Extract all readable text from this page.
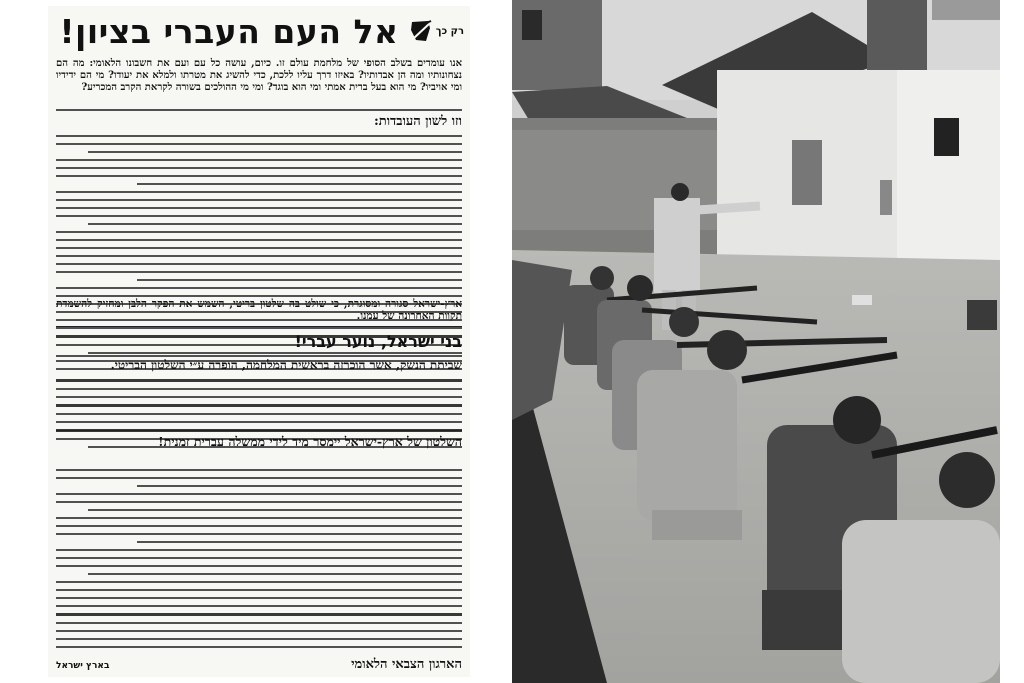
רק כך
אל העם העברי בציון!
אנו עומדים בשלב הסופי של מלחמת עולם זו. כיום, עושה כל עם ועם את חשבונו הלאומי: מה הם נצחונותיו ומה הן אבדותיו? באיזו דרך עליו ללכת, כדי להשיג את מטרתו ולמלא את יעודו? מי הם ידידיו ומי אויביו? מי הוא בעל ברית אמתי ומי הוא בוגד? ומי מי ההולכים בשורה לקראת הקרב המכריע?
וזו לשון העובדות:
ארץ-ישראל סגורה ומסוגרת, כי שולט בה שלטון בריטי, השמש את הפקר הלבן ומחזיק להשמדת תקוות האחרונה של עמנו.
בני ישראל, נוער עברי!
שביתת הנשק, אשר הוכרזה בראשית המלחמה, הופרה ע״י השלטון הבריטי.
השלטון של ארץ-ישראל יימסר מיד לידי ממשלה עברית זמנית!
הארגון הצבאי הלאומי
בארץ ישראל
